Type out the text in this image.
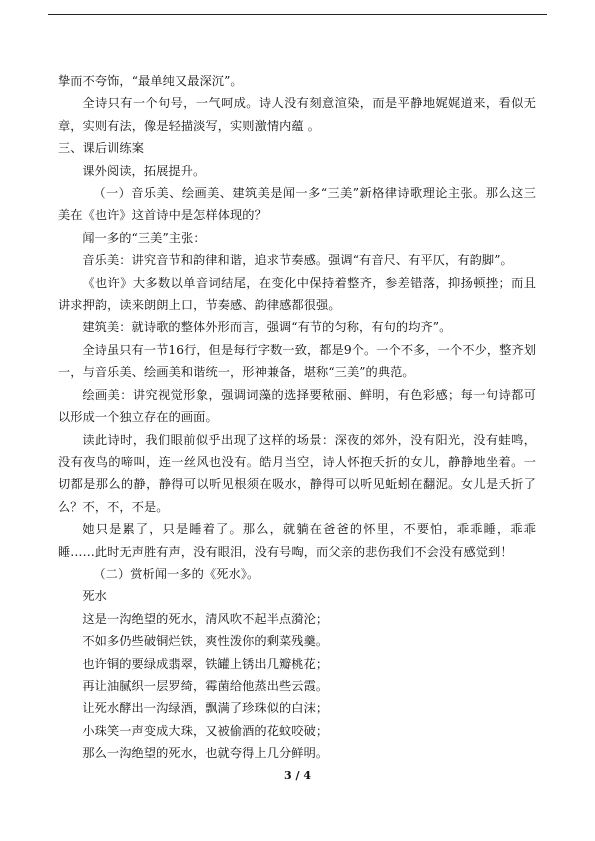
挚而不夸饰，“最单纯又最深沉”。

全诗只有一个句号，一气呵成。诗人没有刻意渲染，而是平静地娓娓道来，看似无章，实则有法，像是轻描淡写，实则激情内蕴 。

三、课后训练案

课外阅读，拓展提升。

（一）音乐美、绘画美、建筑美是闻一多“三美”新格律诗歌理论主张。那么这三美在《也许》这首诗中是怎样体现的？

闻一多的“三美”主张：

音乐美：讲究音节和韵律和谐，追求节奏感。强调“有音尺、有平仄，有韵脚”。

《也许》大多数以单音词结尾，在变化中保持着整齐，参差错落，抑扬顿挫；而且讲求押韵，读来朗朗上口，节奏感、韵律感都很强。

建筑美：就诗歌的整体外形而言，强调“有节的匀称，有句的均齐”。

全诗虽只有一节16行，但是每行字数一致，都是9个。一个不多，一个不少，整齐划一，与音乐美、绘画美和谐统一，形神兼备，堪称“三美”的典范。

绘画美：讲究视觉形象，强调词藻的选择要秾丽、鲜明，有色彩感；每一句诗都可以形成一个独立存在的画面。

读此诗时，我们眼前似乎出现了这样的场景：深夜的郊外，没有阳光，没有蛙鸣，没有夜鸟的啼叫，连一丝风也没有。皓月当空，诗人怀抱夭折的女儿，静静地坐着。一切都是那么的静，静得可以听见根须在吸水，静得可以听见蚯蚓在翻泥。女儿是夭折了么？不，不，不是。

她只是累了，只是睡着了。那么，就躺在爸爸的怀里，不要怕，乖乖睡，乖乖睡……此时无声胜有声，没有眼泪，没有号啕，而父亲的悲伤我们不会没有感觉到！

（二）赏析闻一多的《死水》。

死水

这是一沟绝望的死水，清风吹不起半点漪沦；

不如多仍些破铜烂铁，爽性泼你的剩菜残羹。

也许铜的要绿成翡翠，铁罐上锈出几瓣桃花；

再让油腻织一层罗绮，霉菌给他蒸出些云霞。

让死水酵出一沟绿酒，飘满了珍珠似的白沫；

小珠笑一声变成大珠，又被偷酒的花蚊咬破；

那么一沟绝望的死水，也就夸得上几分鲜明。

3 / 4
